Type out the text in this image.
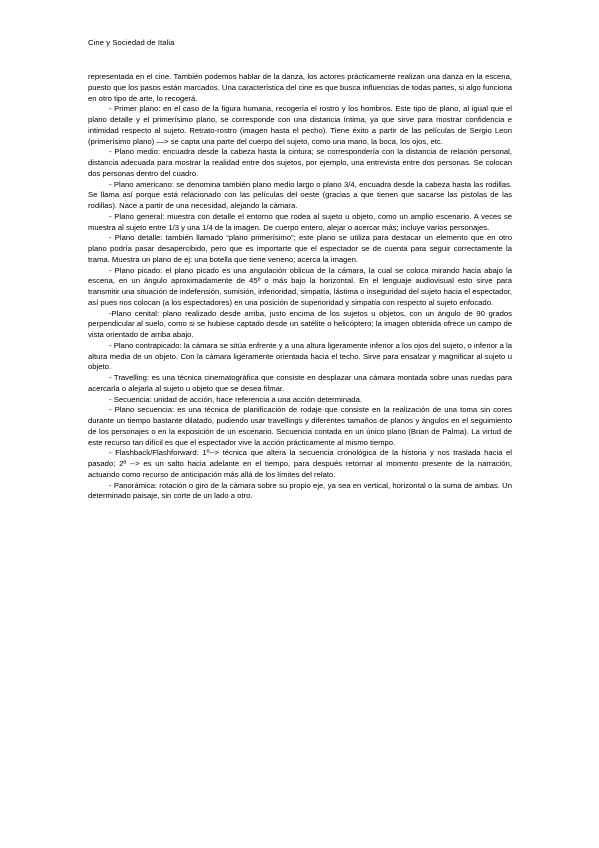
Cine y Sociedad de Italia

representada en el cine. También podemos hablar de la danza, los actores prácticamente realizan una danza en la escena, puesto que los pasos están marcados. Una característica del cine es que busca influencias de todas partes, si algo funciona en otro tipo de arte, lo recogerá.

- Primer plano: en el caso de la figura humana, recogería el rostro y los hombros. Este tipo de plano, al igual que el plano detalle y el primerísimo plano, se corresponde con una distancia íntima, ya que sirve para mostrar confidencia e intimidad respecto al sujeto. Retrato-rostro (imagen hasta el pecho). Tiene éxito a partir de las películas de Sergio Leon (primerísimo plano) —> se capta una parte del cuerpo del sujeto, como una mano, la boca, los ojos, etc.

- Plano medio: encuadra desde la cabeza hasta la cintura; se correspondería con la distancia de relación personal, distancia adecuada para mostrar la realidad entre dos sujetos, por ejemplo, una entrevista entre dos personas. Se colocan dos personas dentro del cuadro.

- Plano americano: se denomina también plano medio largo o plano 3/4, encuadra desde la cabeza hasta las rodillas. Se llama así porque está relacionado con las películas del oeste (gracias a que tienen que sacarse las pistolas de las rodillas). Nace a partir de una necesidad, alejando la cámara.

- Plano general: muestra con detalle el entorno que rodea al sujeto u objeto, como un amplio escenario. A veces se muestra al sujeto entre 1/3 y una 1/4 de la imagen. De cuerpo entero, alejar o acercar más; incluye varios personajes.

- Plano detalle: también llamado “plano primerísimo”; este plano se utiliza para destacar un elemento que en otro plano podría pasar desapercibido, pero que es importarte que el espectador se de cuenta para seguir correctamente la trama. Muestra un plano de ej: una botella que tiene veneno; acerca la imagen.

- Plano picado: el plano picado es una angulación oblicua de la cámara, la cual se coloca mirando hacia abajo la escena, en un ángulo aproximadamente de 45º o más bajo la horizontal. En el lenguaje audiovisual esto sirve para transmitir una situación de indefensión, sumisión, inferioridad, simpatía, lástima o inseguridad del sujeto hacia el espectador, así pues nos colocan (a los espectadores) en una posición de superioridad y simpatía con respecto al sujeto enfocado.

-Plano cenital: plano realizado desde arriba, justo encima de los sujetos u objetos, con un ángulo de 90 grados perpendicular al suelo, como si se hubiese captado desde un satélite o helicóptero; la imagen obtenida ofrece un campo de vista orientado de arriba abajo.

- Plano contrapicado: la cámara se sitúa enfrente y a una altura ligeramente inferior a los ojos del sujeto, o inferior a la altura media de un objeto. Con la cámara ligeramente orientada hacia el techo. Sirve para ensalzar y magnificar al sujeto u objeto.

- Travelling: es una técnica cinematográfica que consiste en desplazar una cámara montada sobre unas ruedas para acercarla o alejarla al sujeto u objeto que se desea filmar.

- Secuencia: unidad de acción, hace referencia a una acción determinada.

- Plano secuencia: es una técnica de planificación de rodaje que consiste en la realización de una toma sin cores durante un tiempo bastante dilatado, pudiendo usar travellings y diferentes tamaños de planos y ángulos en el seguimiento de los personajes o en la exposición de un escenario. Secuencia contada en un único plano (Brian de Palma). La virtud de este recurso tan difícil es que el espectador vive la acción prácticamente al mismo tiempo.

- Flashback/Flashforward: 1º--> técnica que altera la secuencia cronológica de la historia y nos traslada hacia el pasado; 2º --> es un salto hacia adelante en el tiempo, para después retornar al momento presente de la narración, actuando como recurso de anticipación más allá de los límites del relato.

- Panorámica: rotación o giro de la cámara sobre su propio eje, ya sea en vertical, horizontal o la suma de ambas. Un determinado paisaje, sin corte de un lado a otro.
